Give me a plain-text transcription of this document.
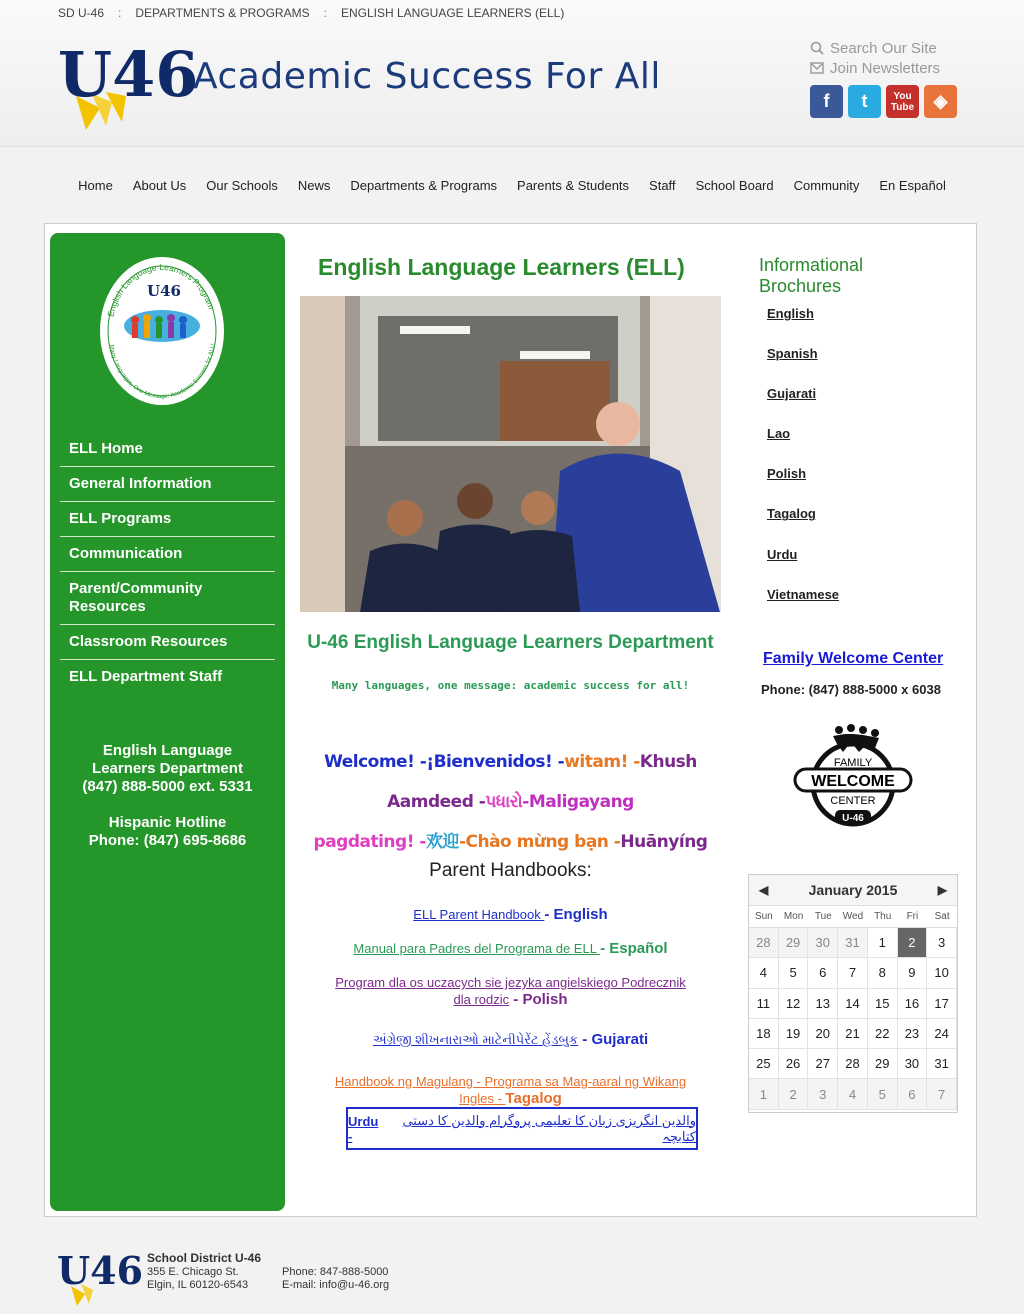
SD U-46 : DEPARTMENTS & PROGRAMS : ENGLISH LANGUAGE LEARNERS (ELL)
U46
Academic Success For All
Search Our Site
Join Newsletters
f	t	You
Tube	◈
Home About Us Our Schools News Departments & Programs Parents & Students Staff School Board Community En Español
English Language Learners Program
Many Languages, One Message: Academic Success for ALL!
U46
ELL Home
General Information
ELL Programs
Communication
Parent/Community Resources
Classroom Resources
ELL Department Staff
English Language
Learners Department
(847) 888-5000 ext. 5331
Hispanic Hotline
Phone: (847) 695-8686
English Language Learners (ELL)
U-46 English Language Learners Department
Many languages, one message: academic success for all!
Welcome! -¡Bienvenidos! -witam! -Khush Aamdeed -પધારો-Maligayang
pagdating! -欢迎-Chào mừng bạn -Huānyíng
Parent Handbooks:
ELL Parent Handbook - English
Manual para Padres del Programa de ELL - Español
Program dla os uczacych sie jezyka angielskiego Podrecznik dla rodzic - Polish
અંગ્રેજી શીખનારાઓ માટેનીપેરેંટ હેંડબુક - Gujarati
Handbook ng Magulang - Programa sa Mag-aaral ng Wikang Ingles - Tagalog
Urdu -
والدین انگریزی زبان کا تعلیمی پروگرام والدین کا دستی کتابچہ
Informational Brochures
English
Spanish
Gujarati
Lao
Polish
Tagalog
Urdu
Vietnamese
Family Welcome Center
Phone: (847) 888-5000 x 6038
FAMILY
WELCOME
CENTER
U-46
◀	January 2015	▶
Sun	Mon	Tue	Wed	Thu	Fri	Sat
28	29	30	31	1	2	3
4	5	6	7	8	9	10
11	12	13	14	15	16	17
18	19	20	21	22	23	24
25	26	27	28	29	30	31
1	2	3	4	5	6	7
U46 School District U-46
355 E. Chicago St.
Elgin, IL 60120-6543
Phone: 847-888-5000
E-mail: info@u-46.org
